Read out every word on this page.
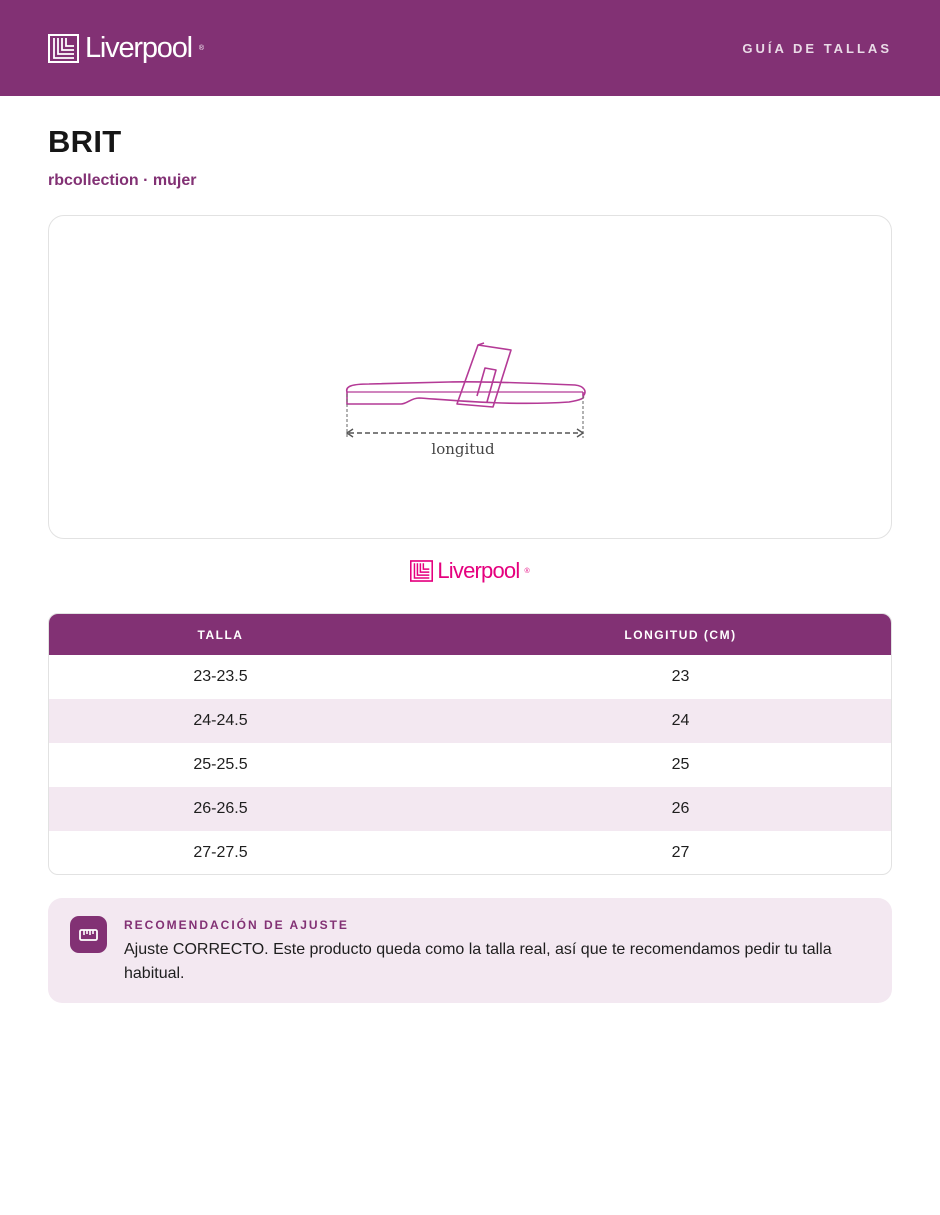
Liverpool ®	GUÍA DE TALLAS
BRIT
rbcollection · mujer
longitud
Liverpool ®
TALLA	LONGITUD (CM)
23-23.5	23
24-24.5	24
25-25.5	25
26-26.5	26
27-27.5	27
RECOMENDACIÓN DE AJUSTE
Ajuste CORRECTO. Este producto queda como la talla real, así que te recomendamos pedir tu talla habitual.
